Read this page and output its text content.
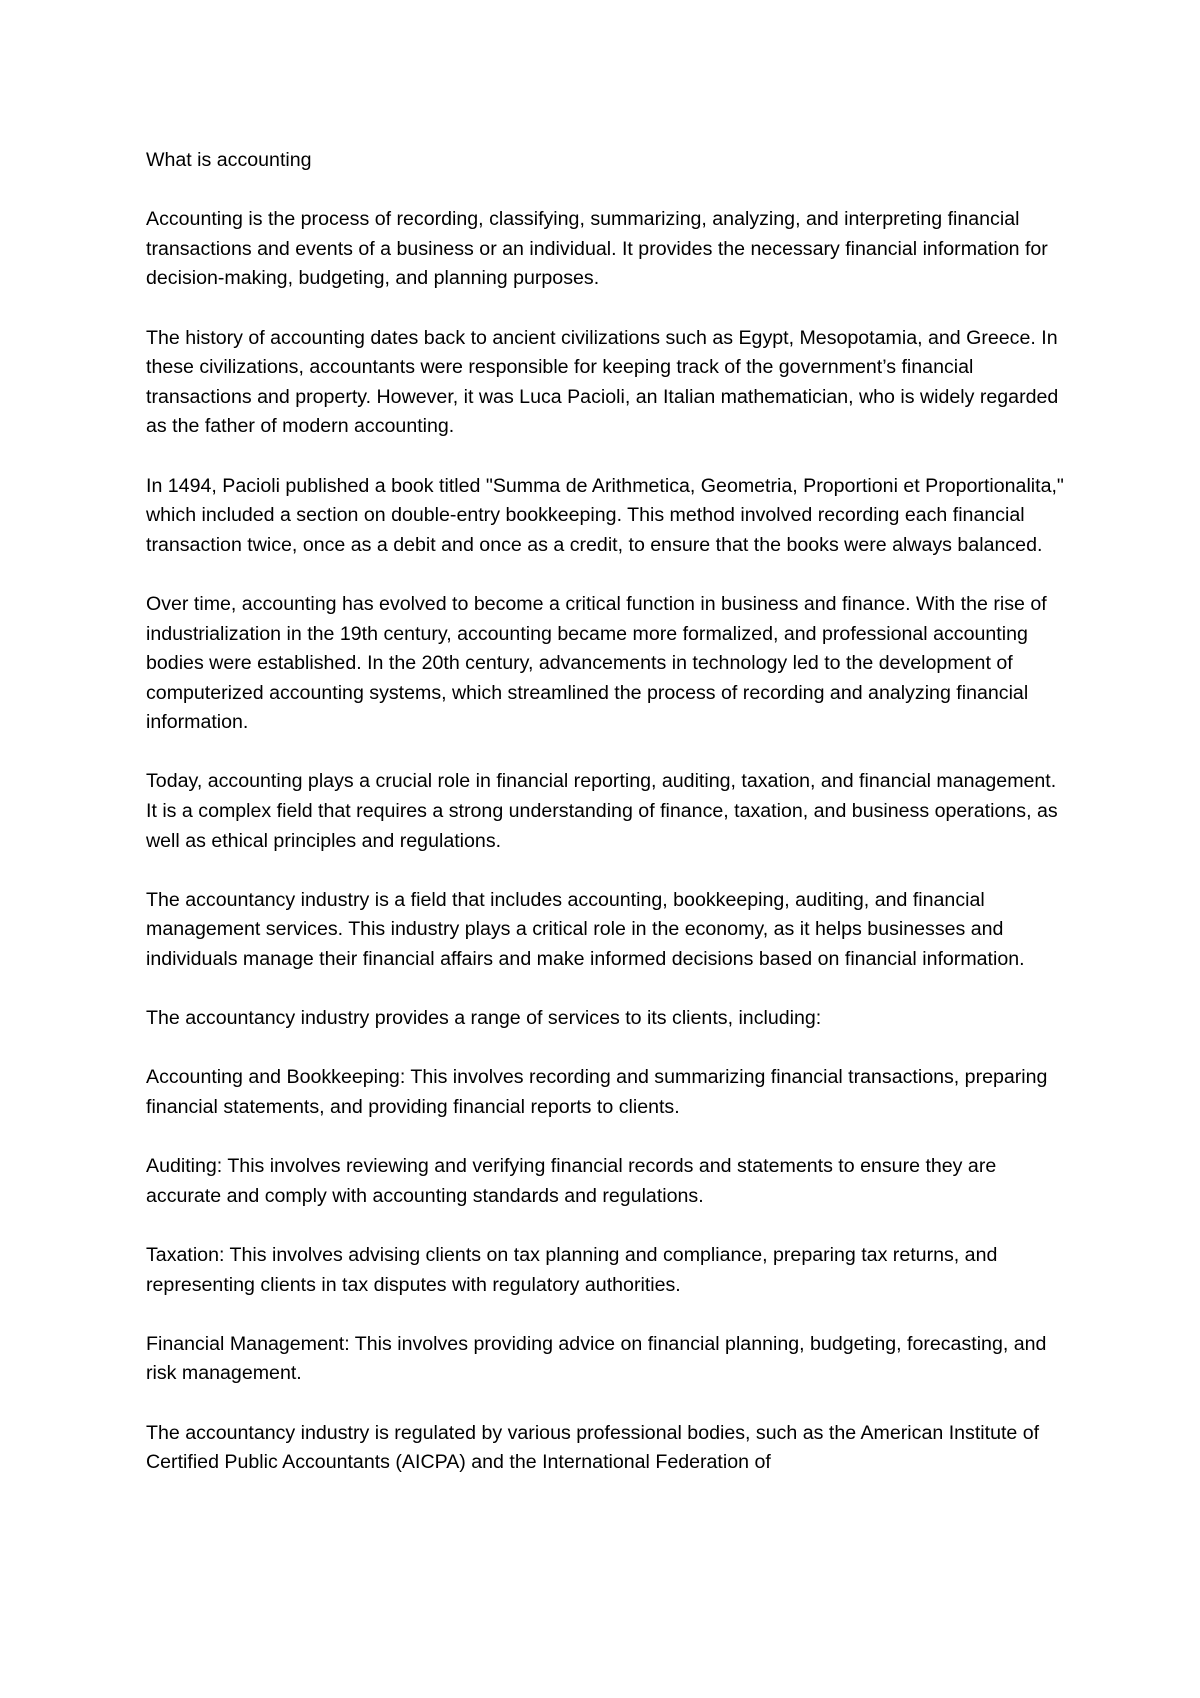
What is accounting

Accounting is the process of recording, classifying, summarizing, analyzing, and interpreting financial transactions and events of a business or an individual. It provides the necessary financial information for decision-making, budgeting, and planning purposes.

The history of accounting dates back to ancient civilizations such as Egypt, Mesopotamia, and Greece. In these civilizations, accountants were responsible for keeping track of the government’s financial transactions and property. However, it was Luca Pacioli, an Italian mathematician, who is widely regarded as the father of modern accounting.

In 1494, Pacioli published a book titled "Summa de Arithmetica, Geometria, Proportioni et Proportionalita," which included a section on double-entry bookkeeping. This method involved recording each financial transaction twice, once as a debit and once as a credit, to ensure that the books were always balanced.

Over time, accounting has evolved to become a critical function in business and finance. With the rise of industrialization in the 19th century, accounting became more formalized, and professional accounting bodies were established. In the 20th century, advancements in technology led to the development of computerized accounting systems, which streamlined the process of recording and analyzing financial information.

Today, accounting plays a crucial role in financial reporting, auditing, taxation, and financial management. It is a complex field that requires a strong understanding of finance, taxation, and business operations, as well as ethical principles and regulations.

The accountancy industry is a field that includes accounting, bookkeeping, auditing, and financial management services. This industry plays a critical role in the economy, as it helps businesses and individuals manage their financial affairs and make informed decisions based on financial information.

The accountancy industry provides a range of services to its clients, including:

Accounting and Bookkeeping: This involves recording and summarizing financial transactions, preparing financial statements, and providing financial reports to clients.

Auditing: This involves reviewing and verifying financial records and statements to ensure they are accurate and comply with accounting standards and regulations.

Taxation: This involves advising clients on tax planning and compliance, preparing tax returns, and representing clients in tax disputes with regulatory authorities.

Financial Management: This involves providing advice on financial planning, budgeting, forecasting, and risk management.

The accountancy industry is regulated by various professional bodies, such as the American Institute of Certified Public Accountants (AICPA) and the International Federation of
